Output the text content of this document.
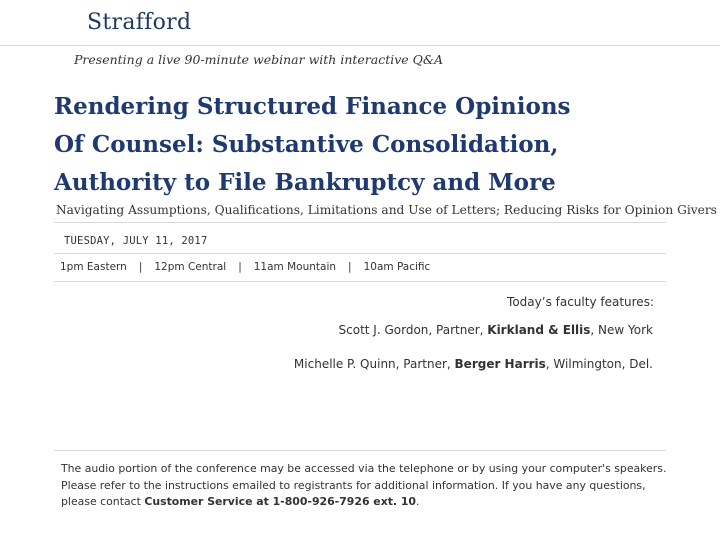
Strafford
Presenting a live 90-minute webinar with interactive Q&A
Rendering Structured Finance Opinions
Of Counsel: Substantive Consolidation,
Authority to File Bankruptcy and More
Navigating Assumptions, Qualifications, Limitations and Use of Letters; Reducing Risks for Opinion Givers
TUESDAY, JULY 11, 2017
1pm Eastern | 12pm Central | 11am Mountain | 10am Pacific
Today’s faculty features:
Scott J. Gordon, Partner, Kirkland & Ellis, New York
Michelle P. Quinn, Partner, Berger Harris, Wilmington, Del.
The audio portion of the conference may be accessed via the telephone or by using your computer's speakers. Please refer to the instructions emailed to registrants for additional information. If you have any questions, please contact Customer Service at 1-800-926-7926 ext. 10.
